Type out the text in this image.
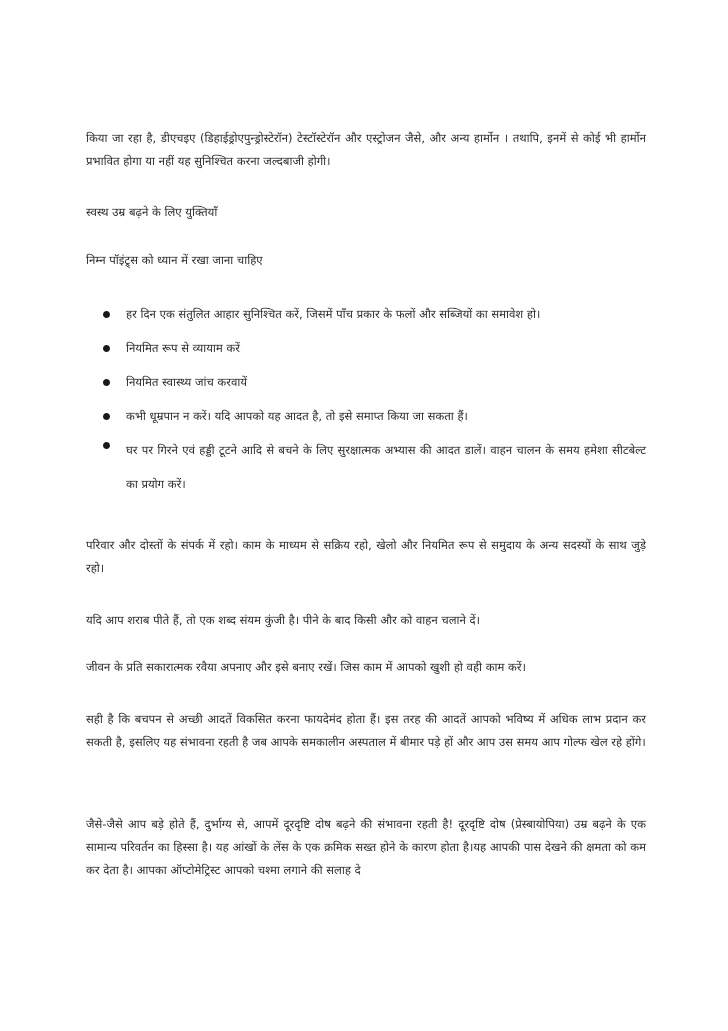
किया जा रहा है, डीएचइए (डिहाईड्रोएपुन्ड्रोस्टेरॉन) टेस्टॉस्टेरॉन और एस्ट्रोजन जैसे, और अन्य हार्मोन । तथापि, इनमें से कोई भी हार्मोन प्रभावित होगा या नहीं यह सुनिश्चित करना जल्दबाजी होगी।

स्वस्थ उम्र बढ़ने के लिए युक्तियाँ

निम्न पॉइंट्र्स को ध्यान में रखा जाना चाहिए

हर दिन एक संतुलित आहार सुनिश्चित करें, जिसमें पाँच प्रकार के फलों और सब्जियों का समावेश हो।
नियमित रूप से व्यायाम करें
नियमित स्वास्थ्य जांच करवायें
कभी धूम्रपान न करें। यदि आपको यह आदत है, तो इसे समाप्त किया जा सकता हैं।
घर पर गिरने एवं हड्डी टूटने आदि से बचने के लिए सुरक्षात्मक अभ्यास की आदत डालें। वाहन चालन के समय हमेशा सीटबेल्ट का प्रयोग करें।

परिवार और दोस्तों के संपर्क में रहो। काम के माध्यम से सक्रिय रहो, खेलो और नियमित रूप से समुदाय के अन्य सदस्यों के साथ जुड़े रहो।

यदि आप शराब पीते हैं, तो एक शब्द संयम कुंजी है। पीने के बाद किसी और को वाहन चलाने दें।

जीवन के प्रति सकारात्मक रवैया अपनाए और इसे बनाए रखें। जिस काम में आपको खुशी हो वही काम करें।

सही है कि बचपन से अच्छी आदतें विकसित करना फायदेमंद होता हैं। इस तरह की आदतें आपको भविष्य में अधिक लाभ प्रदान कर सकती है, इसलिए यह संभावना रहती है जब आपके समकालीन अस्पताल में बीमार पड़े हों और आप उस समय आप गोल्फ खेल रहे होंगे।

जैसे-जैसे आप बड़े होते हैं, दुर्भाग्य से, आपमें दूरदृष्टि दोष बढ़ने की संभावना रहती है! दूरदृष्टि दोष (प्रेस्बायोपिया) उम्र बढ़ने के एक सामान्य परिवर्तन का हिस्सा है। यह आंखों के लेंस के एक क्रमिक सख्त होने के कारण होता है।यह आपकी पास देखने की क्षमता को कम कर देता है। आपका ऑप्टोमेट्रिस्ट आपको चश्मा लगाने की सलाह दे
